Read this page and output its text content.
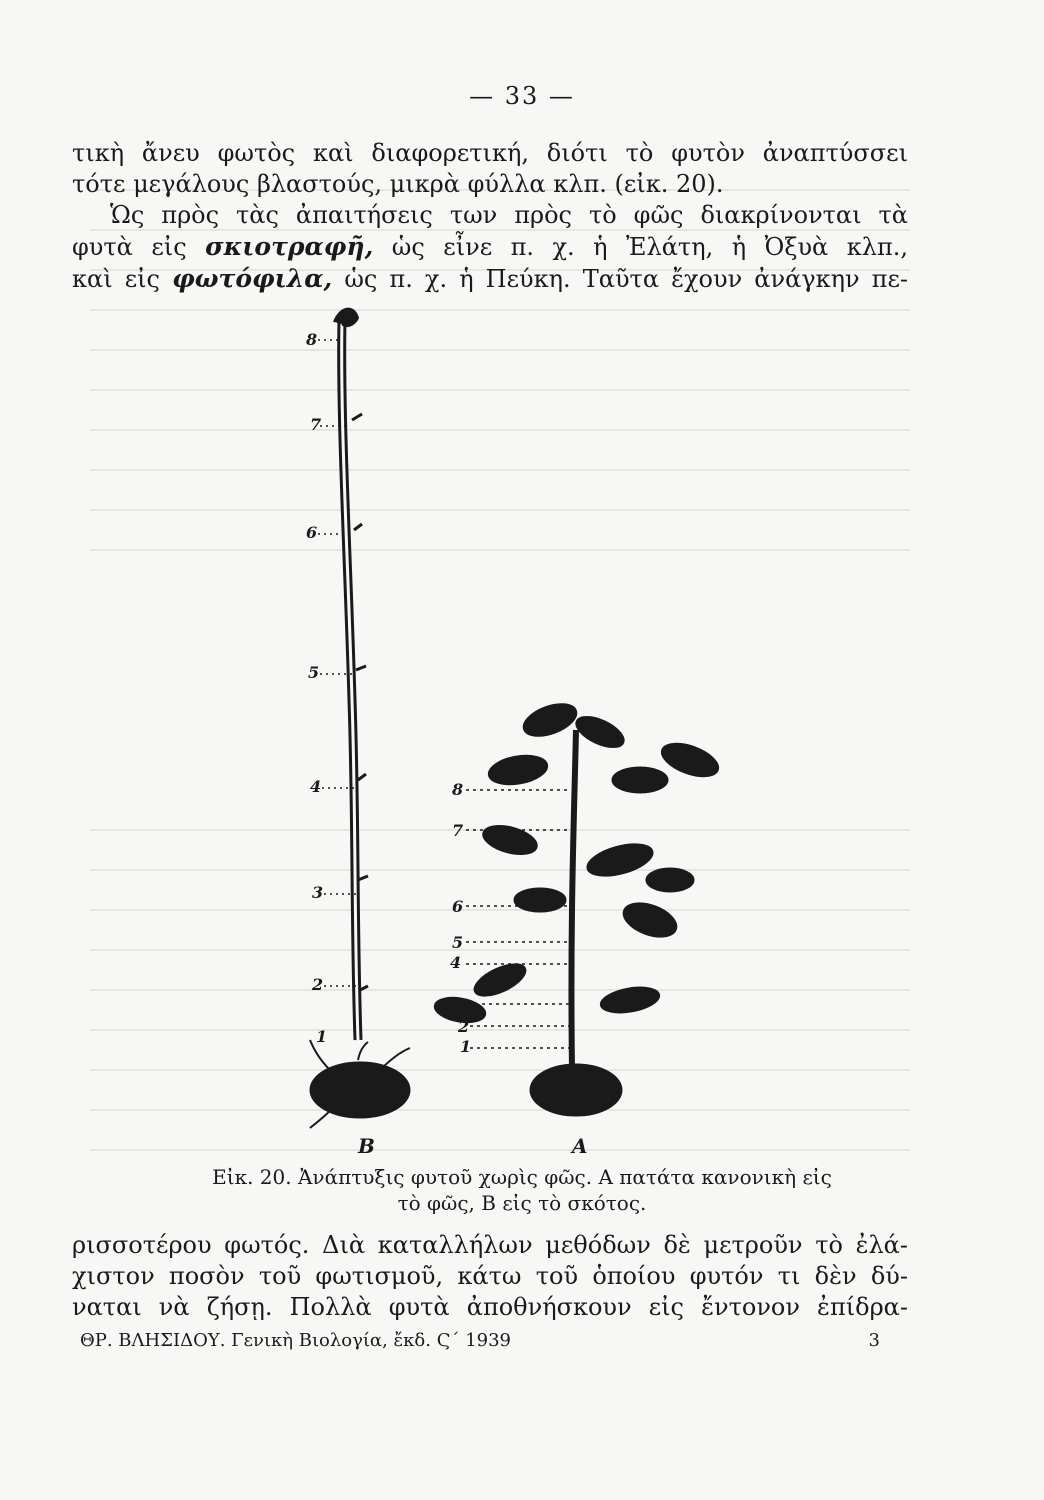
— 33 —
τικὴ ἄνευ φωτὸς καὶ διαφορετική, διότι τὸ φυτὸν ἀναπτύσσει
τότε μεγάλους βλαστούς, μικρὰ φύλλα κλπ. (εἰκ. 20).
Ὡς πρὸς τὰς ἀπαιτήσεις των πρὸς τὸ φῶς διακρίνονται τὰ
φυτὰ εἰς σκιοτραφῆ, ὡς εἶνε π. χ. ἡ Ἐλάτη, ἡ Ὀξυὰ κλπ.,
καὶ εἰς φωτόφιλα, ὡς π. χ. ἡ Πεύκη. Ταῦτα ἔχουν ἀνάγκην πε-
8
7
6
5
4
3
2
1
8
7
6
5
4
3
2
1
B	A
Εἰκ. 20. Ἀνάπτυξις φυτοῦ χωρὶς φῶς. Α πατάτα κανονικὴ εἰς
τὸ φῶς, Β εἰς τὸ σκότος.
ρισσοτέρου φωτός. Διὰ καταλλήλων μεθόδων δὲ μετροῦν τὸ ἐλά-
χιστον ποσὸν τοῦ φωτισμοῦ, κάτω τοῦ ὁποίου φυτόν τι δὲν δύ-
ναται νὰ ζήσῃ. Πολλὰ φυτὰ ἀποθνήσκουν εἰς ἔντονον ἐπίδρα-
ΘΡ. ΒΛΗΣΙΔΟΥ. Γενικὴ Βιολογία, ἔκδ. Ϛ΄ 1939	3
